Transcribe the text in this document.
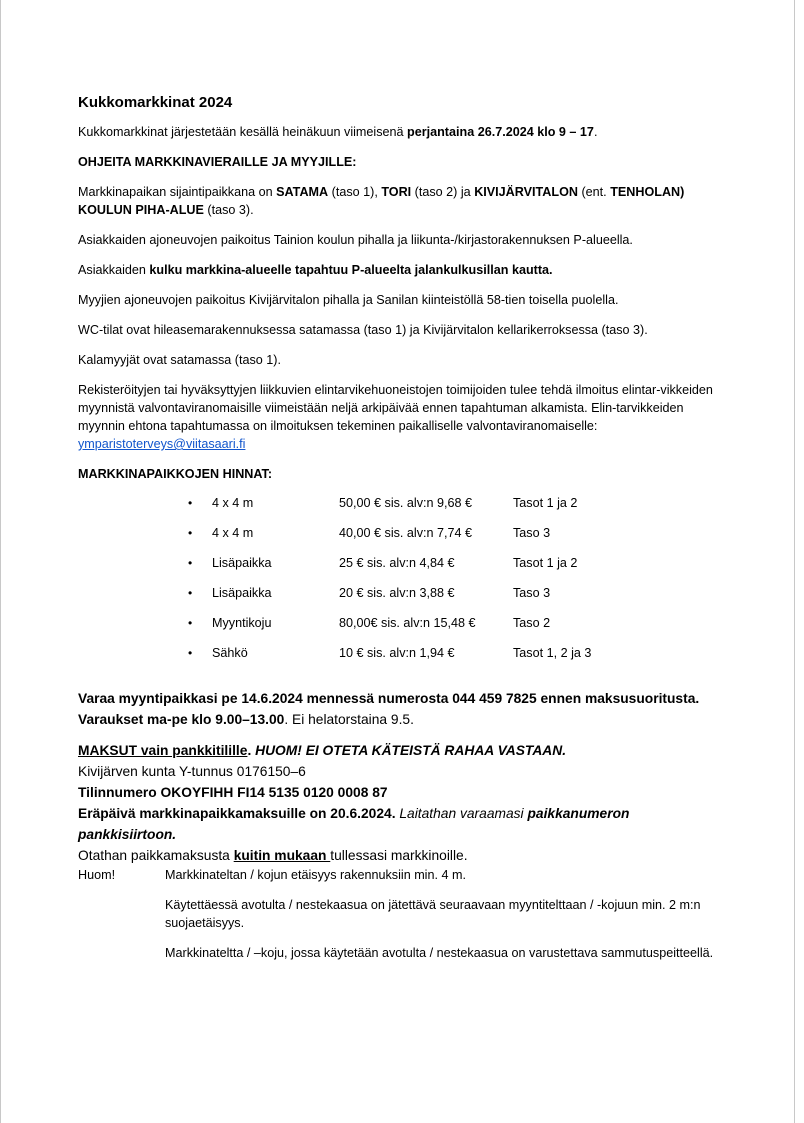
Kukkomarkkinat 2024

Kukkomarkkinat järjestetään kesällä heinäkuun viimeisenä perjantaina 26.7.2024 klo 9 – 17.

OHJEITA MARKKINAVIERAILLE JA MYYJILLE:

Markkinapaikan sijaintipaikkana on SATAMA (taso 1), TORI (taso 2) ja KIVIJÄRVITALON (ent. TENHOLAN) KOULUN PIHA-ALUE (taso 3).

Asiakkaiden ajoneuvojen paikoitus Tainion koulun pihalla ja liikunta-/kirjastorakennuksen P-alueella.

Asiakkaiden kulku markkina-alueelle tapahtuu P-alueelta jalankulkusillan kautta.

Myyjien ajoneuvojen paikoitus Kivijärvitalon pihalla ja Sanilan kiinteistöllä 58-tien toisella puolella.

WC-tilat ovat hileasemarakennuksessa satamassa (taso 1) ja Kivijärvitalon kellarikerroksessa (taso 3).

Kalamyyjät ovat satamassa (taso 1).

Rekisteröityjen tai hyväksyttyjen liikkuvien elintarvikehuoneistojen toimijoiden tulee tehdä ilmoitus elintar-vikkeiden myynnistä valvontaviranomaisille viimeistään neljä arkipäivää ennen tapahtuman alkamista. Elin-tarvikkeiden myynnin ehtona tapahtumassa on ilmoituksen tekeminen paikalliselle valvontaviranomaiselle:
ymparistoterveys@viitasaari.fi

MARKKINAPAIKKOJEN HINNAT:

• 4 x 4 m	50,00 € sis. alv:n 9,68 €	Tasot 1 ja 2
• 4 x 4 m	40,00 € sis. alv:n 7,74 €	Taso 3
• Lisäpaikka	25 € sis. alv:n 4,84 €	Tasot 1 ja 2
• Lisäpaikka	20 € sis. alv:n 3,88 €	Taso 3
• Myyntikoju	80,00€ sis. alv:n 15,48 €	Taso 2
• Sähkö	10 € sis. alv:n 1,94 €	Tasot 1, 2 ja 3

Varaa myyntipaikkasi pe 14.6.2024 mennessä numerosta 044 459 7825 ennen maksusuoritusta.

Varaukset ma-pe klo 9.00–13.00. Ei helatorstaina 9.5.

MAKSUT vain pankkitilille. HUOM! EI OTETA KÄTEISTÄ RAHAA VASTAAN.

Kivijärven kunta Y-tunnus 0176150–6

Tilinnumero OKOYFIHH FI14 5135 0120 0008 87

Eräpäivä markkinapaikkamaksuille on 20.6.2024. Laitathan varaamasi paikkanumeron pankkisiirtoon.

Otathan paikkamaksusta kuitin mukaan tullessasi markkinoille.

Huom!	Markkinateltan / kojun etäisyys rakennuksiin min. 4 m.

Käytettäessä avotulta / nestekaasua on jätettävä seuraavaan myyntitelttaan / -kojuun min. 2 m:n suojaetäisyys.

Markkinateltta / –koju, jossa käytetään avotulta / nestekaasua on varustettava sammutuspeitteellä.
